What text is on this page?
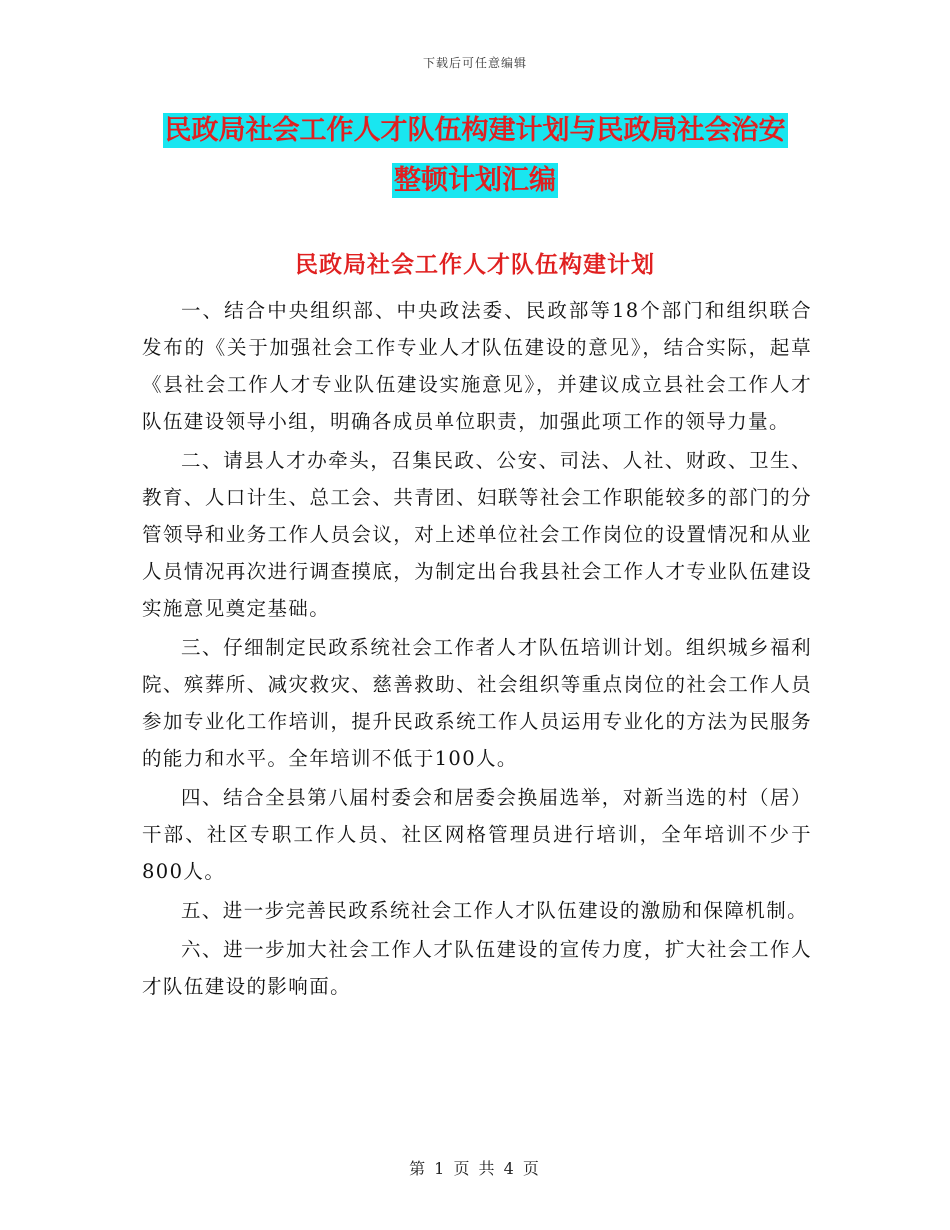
下载后可任意编辑
民政局社会工作人才队伍构建计划与民政局社会治安
整顿计划汇编
民政局社会工作人才队伍构建计划

一、结合中央组织部、中央政法委、民政部等18个部门和组织联合发布的《关于加强社会工作专业人才队伍建设的意见》，结合实际，起草《县社会工作人才专业队伍建设实施意见》，并建议成立县社会工作人才队伍建设领导小组，明确各成员单位职责，加强此项工作的领导力量。

二、请县人才办牵头，召集民政、公安、司法、人社、财政、卫生、教育、人口计生、总工会、共青团、妇联等社会工作职能较多的部门的分管领导和业务工作人员会议，对上述单位社会工作岗位的设置情况和从业人员情况再次进行调查摸底，为制定出台我县社会工作人才专业队伍建设实施意见奠定基础。

三、仔细制定民政系统社会工作者人才队伍培训计划。组织城乡福利院、殡葬所、减灾救灾、慈善救助、社会组织等重点岗位的社会工作人员参加专业化工作培训，提升民政系统工作人员运用专业化的方法为民服务的能力和水平。全年培训不低于100人。

四、结合全县第八届村委会和居委会换届选举，对新当选的村（居）干部、社区专职工作人员、社区网格管理员进行培训，全年培训不少于800人。

五、进一步完善民政系统社会工作人才队伍建设的激励和保障机制。

六、进一步加大社会工作人才队伍建设的宣传力度，扩大社会工作人才队伍建设的影响面。

第 1 页 共 4 页
